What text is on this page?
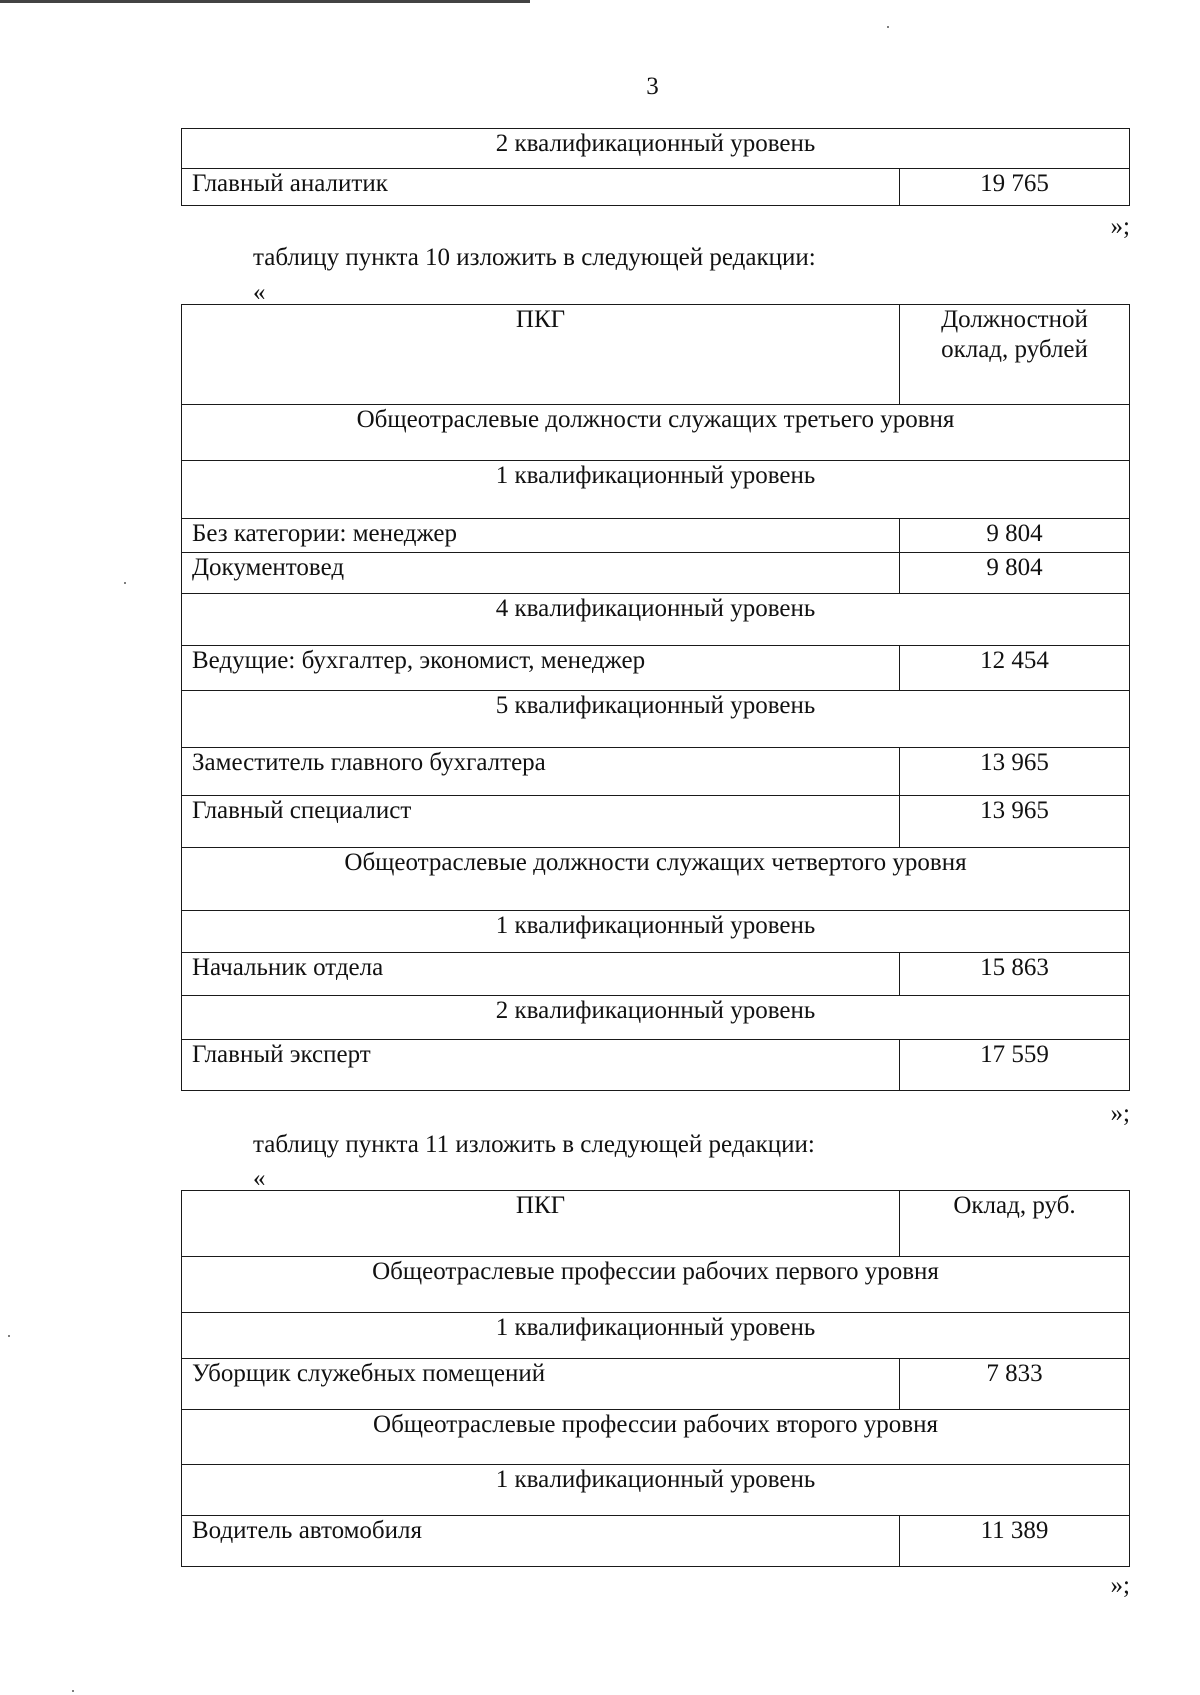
3
2 квалификационный уровень
Главный аналитик	19 765
»;
таблицу пункта 10 изложить в следующей редакции:
«
ПКГ	Должностной оклад, рублей
Общеотраслевые должности служащих третьего уровня	
1 квалификационный уровень	
Без категории: менеджер	9 804
Документовед	9 804
4 квалификационный уровень	
Ведущие: бухгалтер, экономист, менеджер	12 454
5 квалификационный уровень	
Заместитель главного бухгалтера	13 965
Главный специалист	13 965
Общеотраслевые должности служащих четвертого уровня	
1 квалификационный уровень	
Начальник отдела	15 863
2 квалификационный уровень	
Главный эксперт	17 559
»;
таблицу пункта 11 изложить в следующей редакции:
«
ПКГ	Оклад, руб.
Общеотраслевые профессии рабочих первого уровня	
1 квалификационный уровень	
Уборщик служебных помещений	7 833
Общеотраслевые профессии рабочих второго уровня	
1 квалификационный уровень	
Водитель автомобиля	11 389
»;
